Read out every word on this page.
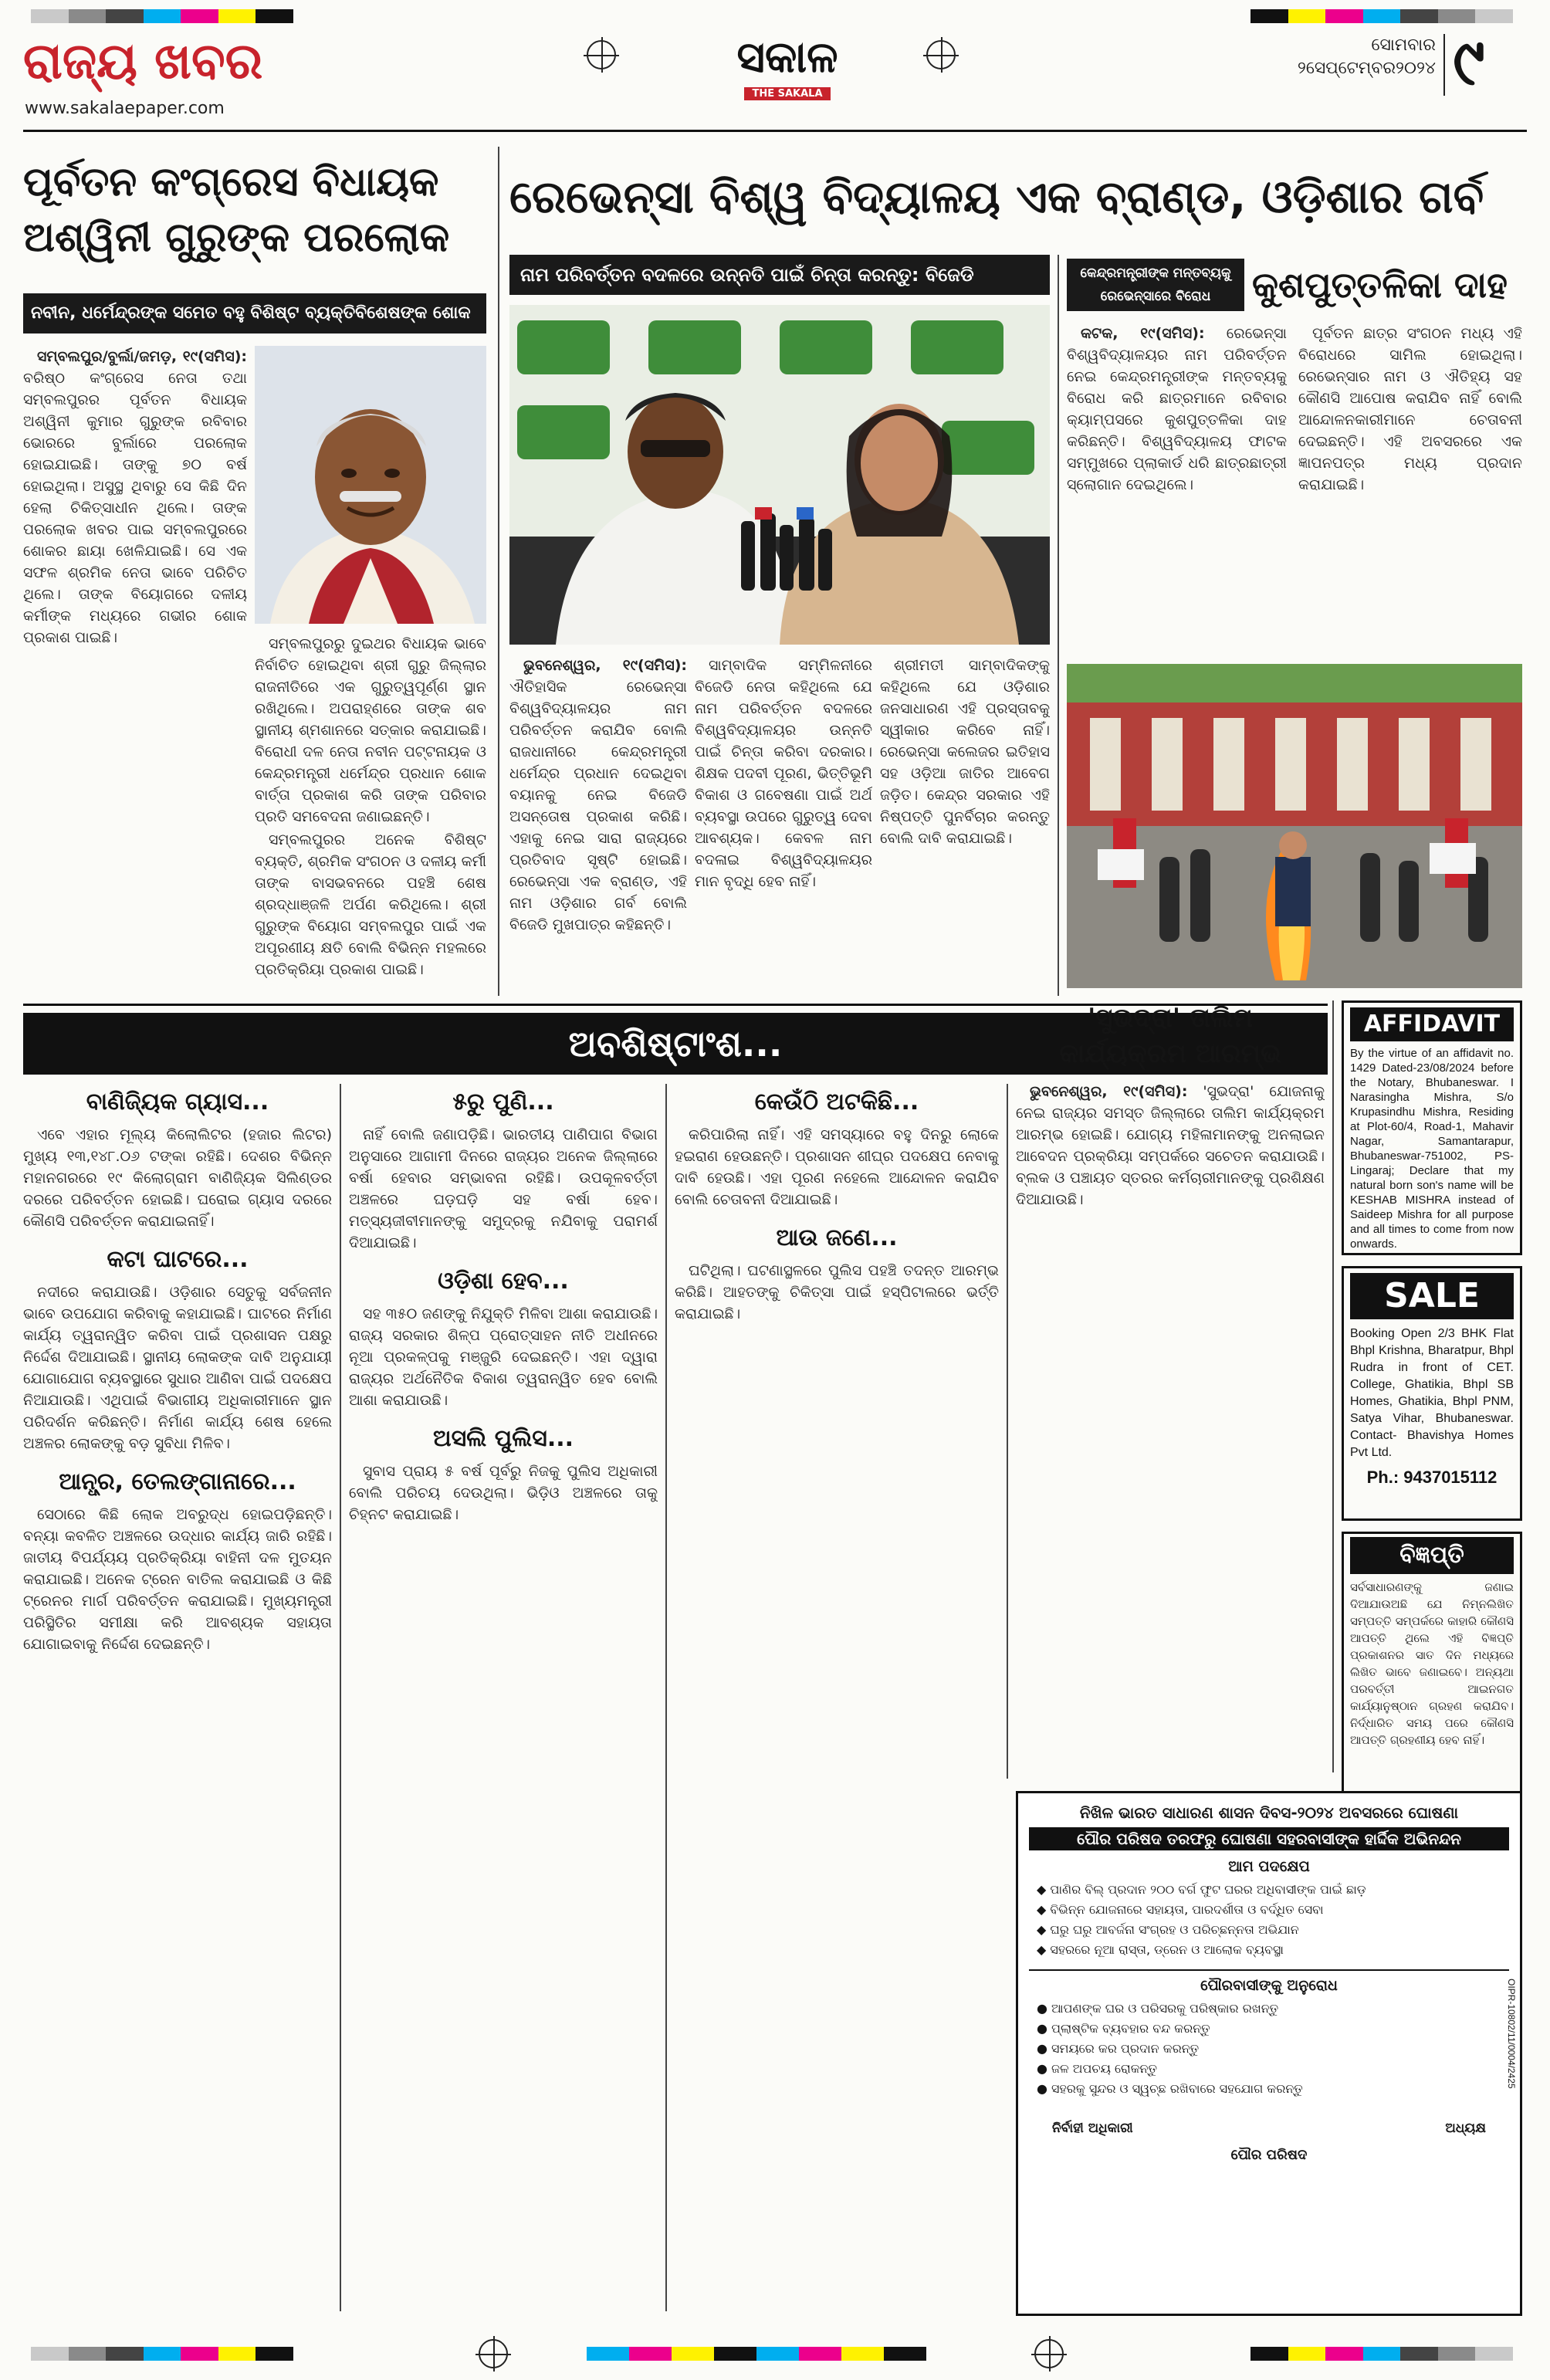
ରାଜ୍ୟ ଖବର
www.sakalaepaper.com
ସକାଳ
THE SAKALA
ସୋମବାର
୨ସେପ୍ଟେମ୍ବର୨୦୨୪ ୯
ପୂର୍ବତନ କଂଗ୍ରେସ ବିଧାୟକ
ଅଶ୍ୱିନୀ ଗୁରୁଙ୍କ ପରଲୋକ
ନବୀନ, ଧର୍ମେନ୍ଦ୍ରଙ୍କ ସମେତ ବହୁ ବିଶିଷ୍ଟ ବ୍ୟକ୍ତିବିଶେଷଙ୍କ ଶୋକ

ସମ୍ବଲପୁର/ବୁର୍ଲା/ଜମଡ଼, ୧୯(ସମିସ): ବରିଷ୍ଠ କଂଗ୍ରେସ ନେତା ତଥା ସମ୍ବଲପୁରର ପୂର୍ବତନ ବିଧାୟକ ଅଶ୍ୱିନୀ କୁମାର ଗୁରୁଙ୍କ ରବିବାର ଭୋରରେ ବୁର୍ଲାରେ ପରଲୋକ ହୋଇଯାଇଛି। ତାଙ୍କୁ ୭୦ ବର୍ଷ ହୋଇଥିଲା। ଅସୁସ୍ଥ ଥିବାରୁ ସେ କିଛି ଦିନ ହେଲା ଚିକିତ୍ସାଧୀନ ଥିଲେ। ତାଙ୍କ ପରଲୋକ ଖବର ପାଇ ସମ୍ବଲପୁରରେ ଶୋକର ଛାୟା ଖେଳିଯାଇଛି। ସେ ଏକ ସଫଳ ଶ୍ରମିକ ନେତା ଭାବେ ପରିଚିତ ଥିଲେ। ତାଙ୍କ ବିୟୋଗରେ ଦଳୀୟ କର୍ମୀଙ୍କ ମଧ୍ୟରେ ଗଭୀର ଶୋକ ପ୍ରକାଶ ପାଇଛି।	ସମ୍ବଲପୁରରୁ ଦୁଇଥର ବିଧାୟକ ଭାବେ ନିର୍ବାଚିତ ହୋଇଥିବା ଶ୍ରୀ ଗୁରୁ ଜିଲ୍ଲାର ରାଜନୀତିରେ ଏକ ଗୁରୁତ୍ୱପୂର୍ଣ୍ଣ ସ୍ଥାନ ରଖିଥିଲେ। ଅପରାହ୍ଣରେ ତାଙ୍କ ଶବ ସ୍ଥାନୀୟ ଶ୍ମଶାନରେ ସତ୍କାର କରାଯାଇଛି। ବିରୋଧୀ ଦଳ ନେତା ନବୀନ ପଟ୍ଟନାୟକ ଓ କେନ୍ଦ୍ରମନ୍ତ୍ରୀ ଧର୍ମେନ୍ଦ୍ର ପ୍ରଧାନ ଶୋକ ବାର୍ତ୍ତା ପ୍ରକାଶ କରି ତାଙ୍କ ପରିବାର ପ୍ରତି ସମବେଦନା ଜଣାଇଛନ୍ତି।

ସମ୍ବଲପୁରର ଅନେକ ବିଶିଷ୍ଟ ବ୍ୟକ୍ତି, ଶ୍ରମିକ ସଂଗଠନ ଓ ଦଳୀୟ କର୍ମୀ ତାଙ୍କ ବାସଭବନରେ ପହଞ୍ଚି ଶେଷ ଶ୍ରଦ୍ଧାଞ୍ଜଳି ଅର୍ପଣ କରିଥିଲେ। ଶ୍ରୀ ଗୁରୁଙ୍କ ବିୟୋଗ ସମ୍ବଲପୁର ପାଇଁ ଏକ ଅପୂରଣୀୟ କ୍ଷତି ବୋଲି ବିଭିନ୍ନ ମହଲରେ ପ୍ରତିକ୍ରିୟା ପ୍ରକାଶ ପାଇଛି।

ରେଭେନ୍ସା ବିଶ୍ୱ ବିଦ୍ୟାଳୟ ଏକ ବ୍ରାଣ୍ଡ, ଓଡ଼ିଶାର ଗର୍ବ
ନାମ ପରିବର୍ତ୍ତନ ବଦଳରେ ଉନ୍ନତି ପାଇଁ ଚିନ୍ତା କରନ୍ତୁ: ବିଜେଡି

ଭୁବନେଶ୍ୱର, ୧୯(ସମିସ): ଐତିହାସିକ ରେଭେନ୍ସା ବିଶ୍ୱବିଦ୍ୟାଳୟର ନାମ ପରିବର୍ତ୍ତନ କରାଯିବ ବୋଲି ରାଜଧାନୀରେ କେନ୍ଦ୍ରମନ୍ତ୍ରୀ ଧର୍ମେନ୍ଦ୍ର ପ୍ରଧାନ ଦେଇଥିବା ବୟାନକୁ ନେଇ ବିଜେଡି ଅସନ୍ତୋଷ ପ୍ରକାଶ କରିଛି। ଏହାକୁ ନେଇ ସାରା ରାଜ୍ୟରେ ପ୍ରତିବାଦ ସୃଷ୍ଟି ହୋଇଛି। ରେଭେନ୍ସା ଏକ ବ୍ରାଣ୍ଡ, ଏହି ନାମ ଓଡ଼ିଶାର ଗର୍ବ ବୋଲି ବିଜେଡି ମୁଖପାତ୍ର କହିଛନ୍ତି।

ସାମ୍ବାଦିକ ସମ୍ମିଳନୀରେ ବିଜେଡି ନେତା କହିଥିଲେ ଯେ ନାମ ପରିବର୍ତ୍ତନ ବଦଳରେ ବିଶ୍ୱବିଦ୍ୟାଳୟର ଉନ୍ନତି ପାଇଁ ଚିନ୍ତା କରିବା ଦରକାର। ଶିକ୍ଷକ ପଦବୀ ପୂରଣ, ଭିତ୍ତିଭୂମି ବିକାଶ ଓ ଗବେଷଣା ପାଇଁ ଅର୍ଥ ବ୍ୟବସ୍ଥା ଉପରେ ଗୁରୁତ୍ୱ ଦେବା ଆବଶ୍ୟକ। କେବଳ ନାମ ବଦଳାଇ ବିଶ୍ୱବିଦ୍ୟାଳୟର ମାନ ବୃଦ୍ଧି ହେବ ନାହିଁ।

ଶ୍ରୀମତୀ ସାମ୍ବାଦିକଙ୍କୁ କହିଥିଲେ ଯେ ଓଡ଼ିଶାର ଜନସାଧାରଣ ଏହି ପ୍ରସ୍ତାବକୁ ସ୍ୱୀକାର କରିବେ ନାହିଁ। ରେଭେନ୍ସା କଲେଜର ଇତିହାସ ସହ ଓଡ଼ିଆ ଜାତିର ଆବେଗ ଜଡ଼ିତ। କେନ୍ଦ୍ର ସରକାର ଏହି ନିଷ୍ପତ୍ତି ପୁନର୍ବିଚାର କରନ୍ତୁ ବୋଲି ଦାବି କରାଯାଇଛି।

କେନ୍ଦ୍ରମନ୍ତ୍ରୀଙ୍କ ମନ୍ତବ୍ୟକୁ
ରେଭେନ୍ସାରେ ବିରୋଧ	କୁଶପୁତ୍ତଳିକା ଦାହ

କଟକ, ୧୯(ସମିସ): ରେଭେନ୍ସା ବିଶ୍ୱବିଦ୍ୟାଳୟର ନାମ ପରିବର୍ତ୍ତନ ନେଇ କେନ୍ଦ୍ରମନ୍ତ୍ରୀଙ୍କ ମନ୍ତବ୍ୟକୁ ବିରୋଧ କରି ଛାତ୍ରମାନେ ରବିବାର କ୍ୟାମ୍ପସରେ କୁଶପୁତ୍ତଳିକା ଦାହ କରିଛନ୍ତି। ବିଶ୍ୱବିଦ୍ୟାଳୟ ଫାଟକ ସମ୍ମୁଖରେ ପ୍ଲାକାର୍ଡ ଧରି ଛାତ୍ରଛାତ୍ରୀ ସ୍ଲୋଗାନ ଦେଇଥିଲେ।

ପୂର୍ବତନ ଛାତ୍ର ସଂଗଠନ ମଧ୍ୟ ଏହି ବିରୋଧରେ ସାମିଲ ହୋଇଥିଲା। ରେଭେନ୍ସାର ନାମ ଓ ଐତିହ୍ୟ ସହ କୌଣସି ଆପୋଷ କରାଯିବ ନାହିଁ ବୋଲି ଆନ୍ଦୋଳନକାରୀମାନେ ଚେତାବନୀ ଦେଇଛନ୍ତି। ଏହି ଅବସରରେ ଏକ ଜ୍ଞାପନପତ୍ର ମଧ୍ୟ ପ୍ରଦାନ କରାଯାଇଛି।

ଅବଶିଷ୍ଟାଂଶ...
ବାଣିଜ୍ୟିକ ଗ୍ୟାସ...

ଏବେ ଏହାର ମୂଲ୍ୟ କିଲୋଲିଟର (ହଜାର ଲିଟର) ମୁଖ୍ୟ ୧୩,୧୪୮.୦୬ ଟଙ୍କା ରହିଛି। ଦେଶର ବିଭିନ୍ନ ମହାନଗରରେ ୧୯ କିଲୋଗ୍ରାମ ବାଣିଜ୍ୟିକ ସିଲିଣ୍ଡର ଦରରେ ପରିବର୍ତ୍ତନ ହୋଇଛି। ଘରୋଇ ଗ୍ୟାସ ଦରରେ କୌଣସି ପରିବର୍ତ୍ତନ କରାଯାଇନାହିଁ।

କଟା ଘାଟରେ...

ନଦୀରେ କରାଯାଉଛି। ଓଡ଼ିଶାର ସେତୁକୁ ସର୍ବଜନୀନ ଭାବେ ଉପଯୋଗ କରିବାକୁ କହାଯାଇଛି। ଘାଟରେ ନିର୍ମାଣ କାର୍ଯ୍ୟ ତ୍ୱରାନ୍ୱିତ କରିବା ପାଇଁ ପ୍ରଶାସନ ପକ୍ଷରୁ ନିର୍ଦ୍ଦେଶ ଦିଆଯାଇଛି। ସ୍ଥାନୀୟ ଲୋକଙ୍କ ଦାବି ଅନୁଯାୟୀ ଯୋଗାଯୋଗ ବ୍ୟବସ୍ଥାରେ ସୁଧାର ଆଣିବା ପାଇଁ ପଦକ୍ଷେପ ନିଆଯାଉଛି। ଏଥିପାଇଁ ବିଭାଗୀୟ ଅଧିକାରୀମାନେ ସ୍ଥାନ ପରିଦର୍ଶନ କରିଛନ୍ତି। ନିର୍ମାଣ କାର୍ଯ୍ୟ ଶେଷ ହେଲେ ଅଞ୍ଚଳର ଲୋକଙ୍କୁ ବଡ଼ ସୁବିଧା ମିଳିବ।

ଆନ୍ଧ୍ର, ତେଲଙ୍ଗାନାରେ...

ସେଠାରେ କିଛି ଲୋକ ଅବରୁଦ୍ଧ ହୋଇପଡ଼ିଛନ୍ତି। ବନ୍ୟା କବଳିତ ଅଞ୍ଚଳରେ ଉଦ୍ଧାର କାର୍ଯ୍ୟ ଜାରି ରହିଛି। ଜାତୀୟ ବିପର୍ଯ୍ୟୟ ପ୍ରତିକ୍ରିୟା ବାହିନୀ ଦଳ ମୁତୟନ କରାଯାଇଛି। ଅନେକ ଟ୍ରେନ ବାତିଲ କରାଯାଇଛି ଓ କିଛି ଟ୍ରେନର ମାର୍ଗ ପରିବର୍ତ୍ତନ କରାଯାଇଛି। ମୁଖ୍ୟମନ୍ତ୍ରୀ ପରିସ୍ଥିତିର ସମୀକ୍ଷା କରି ଆବଶ୍ୟକ ସହାୟତା ଯୋଗାଇବାକୁ ନିର୍ଦ୍ଦେଶ ଦେଇଛନ୍ତି।

୫ରୁ ପୁଣି...

ନାହିଁ ବୋଲି ଜଣାପଡ଼ିଛି। ଭାରତୀୟ ପାଣିପାଗ ବିଭାଗ ଅନୁସାରେ ଆଗାମୀ ଦିନରେ ରାଜ୍ୟର ଅନେକ ଜିଲ୍ଲାରେ ବର୍ଷା ହେବାର ସମ୍ଭାବନା ରହିଛି। ଉପକୂଳବର୍ତ୍ତୀ ଅଞ୍ଚଳରେ ଘଡ଼ଘଡ଼ି ସହ ବର୍ଷା ହେବ। ମତ୍ସ୍ୟଜୀବୀମାନଙ୍କୁ ସମୁଦ୍ରକୁ ନଯିବାକୁ ପରାମର୍ଶ ଦିଆଯାଇଛି।

ଓଡ଼ିଶା ହେବ...

ସହ ୩୫୦ ଜଣଙ୍କୁ ନିଯୁକ୍ତି ମିଳିବା ଆଶା କରାଯାଉଛି। ରାଜ୍ୟ ସରକାର ଶିଳ୍ପ ପ୍ରୋତ୍ସାହନ ନୀତି ଅଧୀନରେ ନୂଆ ପ୍ରକଳ୍ପକୁ ମଞ୍ଜୁରି ଦେଇଛନ୍ତି। ଏହା ଦ୍ୱାରା ରାଜ୍ୟର ଅର୍ଥନୈତିକ ବିକାଶ ତ୍ୱରାନ୍ୱିତ ହେବ ବୋଲି ଆଶା କରାଯାଉଛି।

ଅସଲି ପୁଲିସ...

ସୁବାସ ପ୍ରାୟ ୫ ବର୍ଷ ପୂର୍ବରୁ ନିଜକୁ ପୁଲିସ ଅଧିକାରୀ ବୋଲି ପରିଚୟ ଦେଉଥିଲା। ଭିଡ଼ିଓ ଅଞ୍ଚଳରେ ତାକୁ ଚିହ୍ନଟ କରାଯାଇଛି।

କେଉଁଠି ଅଟକିଛି...

କରିପାରିଲା ନାହିଁ। ଏହି ସମସ୍ୟାରେ ବହୁ ଦିନରୁ ଲୋକେ ହଇରାଣ ହେଉଛନ୍ତି। ପ୍ରଶାସନ ଶୀଘ୍ର ପଦକ୍ଷେପ ନେବାକୁ ଦାବି ହେଉଛି। ଏହା ପୂରଣ ନହେଲେ ଆନ୍ଦୋଳନ କରାଯିବ ବୋଲି ଚେତାବନୀ ଦିଆଯାଇଛି।

ଆଉ ଜଣେ...

ଘଟିଥିଲା। ଘଟଣାସ୍ଥଳରେ ପୁଲିସ ପହଞ୍ଚି ତଦନ୍ତ ଆରମ୍ଭ କରିଛି। ଆହତଙ୍କୁ ଚିକିତ୍ସା ପାଇଁ ହସ୍ପିଟାଲରେ ଭର୍ତ୍ତି କରାଯାଇଛି।

'ସୁଭଦ୍ରା' ତାଲିମ
କାର୍ଯ୍ୟକ୍ରମ ଆରମ୍ଭ

ଭୁବନେଶ୍ୱର, ୧୯(ସମିସ): 'ସୁଭଦ୍ରା' ଯୋଜନାକୁ ନେଇ ରାଜ୍ୟର ସମସ୍ତ ଜିଲ୍ଲାରେ ତାଲିମ କାର୍ଯ୍ୟକ୍ରମ ଆରମ୍ଭ ହୋଇଛି। ଯୋଗ୍ୟ ମହିଳାମାନଙ୍କୁ ଅନଲାଇନ ଆବେଦନ ପ୍ରକ୍ରିୟା ସମ୍ପର୍କରେ ସଚେତନ କରାଯାଉଛି। ବ୍ଲକ ଓ ପଞ୍ଚାୟତ ସ୍ତରର କର୍ମଚାରୀମାନଙ୍କୁ ପ୍ରଶିକ୍ଷଣ ଦିଆଯାଉଛି।

AFFIDAVIT
By the virtue of an affidavit no. 1429 Dated-23/08/2024 before the Notary, Bhubaneswar. I Narasingha Mishra, S/o Krupasindhu Mishra, Residing at Plot-60/4, Road-1, Mahavir Nagar, Samantarapur, Bhubaneswar-751002, PS-Lingaraj; Declare that my natural born son's name will be KESHAB MISHRA instead of Saideep Mishra for all purpose and all times to come from now onwards.
SALE
Booking Open 2/3 BHK Flat Bhpl Krishna, Bharatpur, Bhpl Rudra in front of CET. College, Ghatikia, Bhpl SB Homes, Ghatikia, Bhpl PNM, Satya Vihar, Bhubaneswar. Contact- Bhavishya Homes Pvt Ltd.
Ph.: 9437015112
ବିଜ୍ଞପ୍ତି
ସର୍ବସାଧାରଣଙ୍କୁ ଜଣାଇ ଦିଆଯାଉଅଛି ଯେ ନିମ୍ନଲିଖିତ ସମ୍ପତ୍ତି ସମ୍ପର୍କରେ କାହାରି କୌଣସି ଆପତ୍ତି ଥିଲେ ଏହି ବିଜ୍ଞପ୍ତି ପ୍ରକାଶନର ସାତ ଦିନ ମଧ୍ୟରେ ଲିଖିତ ଭାବେ ଜଣାଇବେ। ଅନ୍ୟଥା ପରବର୍ତ୍ତୀ ଆଇନଗତ କାର୍ଯ୍ୟାନୁଷ୍ଠାନ ଗ୍ରହଣ କରାଯିବ। ନିର୍ଦ୍ଧାରିତ ସମୟ ପରେ କୌଣସି ଆପତ୍ତି ଗ୍ରହଣୀୟ ହେବ ନାହିଁ।
ନିଖିଳ ଭାରତ ସାଧାରଣ ଶାସନ ଦିବସ-୨୦୨୪ ଅବସରରେ ଘୋଷଣା
ପୌର ପରିଷଦ ତରଫରୁ ଘୋଷଣା ସହରବାସୀଙ୍କ ହାର୍ଦ୍ଦିକ ଅଭିନନ୍ଦନ
ଆମ ପଦକ୍ଷେପ
◆ ପାଣିର ବିଲ୍ ପ୍ରଦାନ ୨୦୦ ବର୍ଗ ଫୁଟ ଘରର ଅଧିବାସୀଙ୍କ ପାଇଁ ଛାଡ଼
◆ ବିଭିନ୍ନ ଯୋଜନାରେ ସହାୟତା, ପାରଦର୍ଶୀତା ଓ ବର୍ଦ୍ଧିତ ସେବା
◆ ଘରୁ ଘରୁ ଆବର୍ଜନା ସଂଗ୍ରହ ଓ ପରିଚ୍ଛନ୍ନତା ଅଭିଯାନ
◆ ସହରରେ ନୂଆ ରାସ୍ତା, ଡ୍ରେନ ଓ ଆଲୋକ ବ୍ୟବସ୍ଥା
ପୌରବାସୀଙ୍କୁ ଅନୁରୋଧ
● ଆପଣଙ୍କ ଘର ଓ ପରିସରକୁ ପରିଷ୍କାର ରଖନ୍ତୁ
● ପ୍ଲାଷ୍ଟିକ ବ୍ୟବହାର ବନ୍ଦ କରନ୍ତୁ
● ସମୟରେ କର ପ୍ରଦାନ କରନ୍ତୁ
● ଜଳ ଅପଚୟ ରୋକନ୍ତୁ
● ସହରକୁ ସୁନ୍ଦର ଓ ସ୍ୱଚ୍ଛ ରଖିବାରେ ସହଯୋଗ କରନ୍ତୁ
ନିର୍ବାହୀ ଅଧିକାରୀ	ଅଧ୍ୟକ୍ଷ
ପୌର ପରିଷଦ
OIPR-10802/11/0004/2425
